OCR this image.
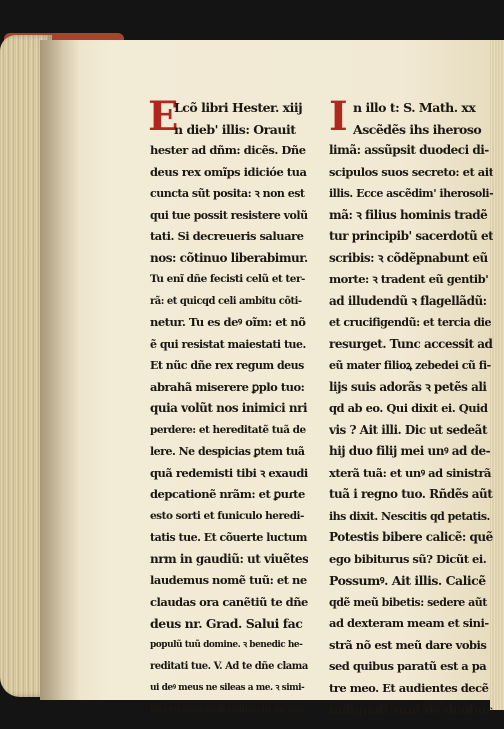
E
Lcõ libri Hester. xiij
n dieb' illis: Orauit
hester ad dñm: dicẽs. Dñe
deus rex omĩps idicióe tua
cuncta sũt posita: ꝛ non est
qui tue possit resistere volũ
tati. Si decreueris saluare
nos: cõtinuo liberabimur.
Tu enĩ dñe fecisti celũ et ter-
rã: et quicqd celi ambitu cõti-
netur. Tu es deꝰ oĩm: et nõ
ẽ qui resistat maiestati tue.
Et nũc dñe rex regum deus
abrahã miserere ꝑplo tuo:
quia volũt nos inimici nri
perdere: et hereditatẽ tuã de
lere. Ne despicias ꝑtem tuã
quã redemisti tibi ꝛ exaudi
depcationẽ nrãm: et ꝑuɾte
esto sorti et funiculo heredi-
tatis tue. Et cõuerte luctum
nrm in gaudiũ: ut viuẽtes
laudemus nomẽ tuũ: et ne
claudas ora canẽtiũ te dñe
deus nr. Grad. Salui fac
populũ tuũ domine. ꝛ benedic he-
reditati tue. V. Ad te dñe clama
ui deꝰ meus ne sileas a me. ꝛ simi-
lis ero descendentibus in lacum.
I n illo t: S. Math. xx
Ascẽdẽs ihs iheroso
limã: assũpsit duodeci di-
scipulos suos secreto: et ait
illis. Ecce ascẽdim' iherosoli-
mã: ꝛ filius hominis tradẽ
tur principib' sacerdotũ et
scribis: ꝛ cõdẽpnabunt eũ
morte: ꝛ tradent eũ gentib'
ad illudendũ ꝛ flagellãdũ:
et crucifigendũ: et tercia die
resurget. Tunc accessit ad
eũ mater filioꝝ zebedei cũ fi-
lijs suis adorãs ꝛ petẽs ali
qd ab eo. Qui dixit ei. Quid
vis ? Ait illi. Dic ut sedeãt
hij duo filij mei unꝰ ad de-
xterã tuã: et unꝰ ad sinistrã
tuã i regno tuo. Rñdẽs aũt
ihs dixit. Nescitis qd petatis.
Potestis bibere calicẽ: quẽ
ego bibiturus sũ? Dicũt ei.
Possumꝰ. Ait illis. Calicẽ
qdẽ meũ bibetis: sedere aũt
ad dexteram meam et sini-
strã nõ est meũ dare vobis
sed quibus paratũ est a pa
tre meo. Et audientes decẽ
indignati sunt de duobus
